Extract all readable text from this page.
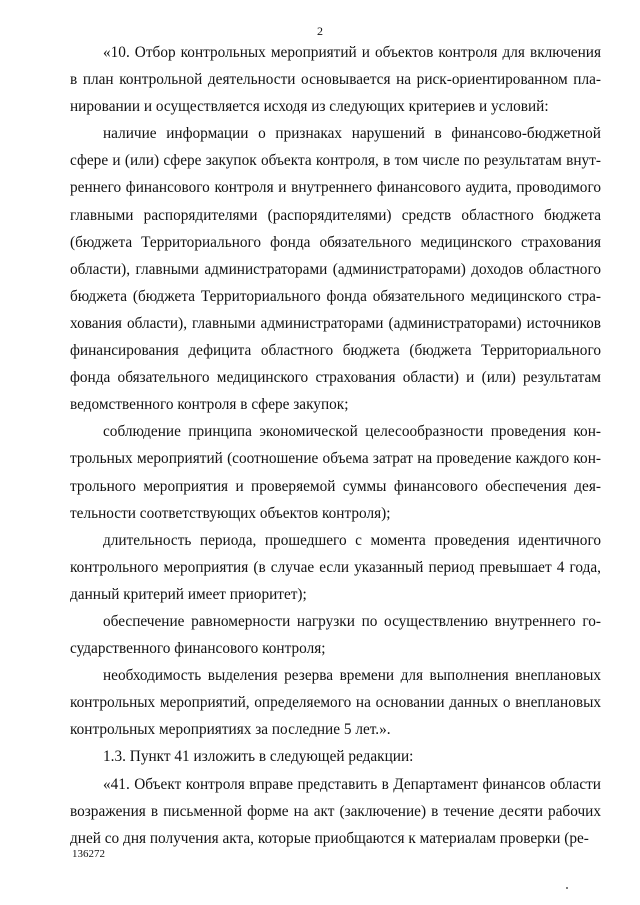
2

«10. Отбор контрольных мероприятий и объектов контроля для включения в план контрольной деятельности основывается на риск-ориентированном планировании и осуществляется исходя из следующих критериев и условий:

наличие информации о признаках нарушений в финансово-бюджетной сфере и (или) сфере закупок объекта контроля, в том числе по результатам внутреннего финансового контроля и внутреннего финансового аудита, проводимого главными распорядителями (распорядителями) средств областного бюджета (бюджета Территориального фонда обязательного медицинского страхования области), главными администраторами (администраторами) доходов областного бюджета (бюджета Территориального фонда обязательного медицинского страхования области), главными администраторами (администраторами) источников финансирования дефицита областного бюджета (бюджета Территориального фонда обязательного медицинского страхования области) и (или) результатам ведомственного контроля в сфере закупок;

соблюдение принципа экономической целесообразности проведения контрольных мероприятий (соотношение объема затрат на проведение каждого контрольного мероприятия и проверяемой суммы финансового обеспечения деятельности соответствующих объектов контроля);

длительность периода, прошедшего с момента проведения идентичного контрольного мероприятия (в случае если указанный период превышает 4 года, данный критерий имеет приоритет);

обеспечение равномерности нагрузки по осуществлению внутреннего государственного финансового контроля;

необходимость выделения резерва времени для выполнения внеплановых контрольных мероприятий, определяемого на основании данных о внеплановых контрольных мероприятиях за последние 5 лет.».

1.3. Пункт 41 изложить в следующей редакции:

«41. Объект контроля вправе представить в Департамент финансов области возражения в письменной форме на акт (заключение) в течение десяти рабочих дней со дня получения акта, которые приобщаются к материалам проверки (ре-

136272
